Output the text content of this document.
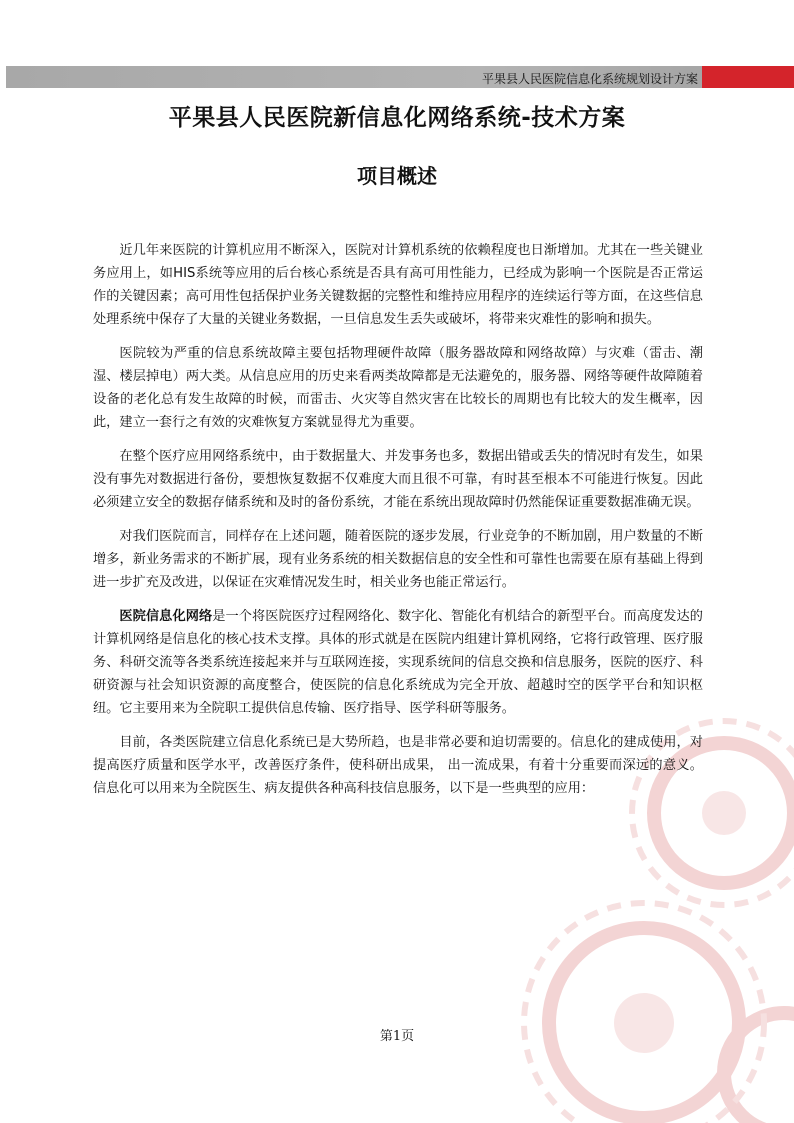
平果县人民医院信息化系统规划设计方案
平果县人民医院新信息化网络系统-技术方案
项目概述

近几年来医院的计算机应用不断深入，医院对计算机系统的依赖程度也日渐增加。尤其在一些关键业务应用上，如HIS系统等应用的后台核心系统是否具有高可用性能力，已经成为影响一个医院是否正常运作的关键因素；高可用性包括保护业务关键数据的完整性和维持应用程序的连续运行等方面，在这些信息处理系统中保存了大量的关键业务数据，一旦信息发生丢失或破坏，将带来灾难性的影响和损失。

医院较为严重的信息系统故障主要包括物理硬件故障（服务器故障和网络故障）与灾难（雷击、潮湿、楼层掉电）两大类。从信息应用的历史来看两类故障都是无法避免的，服务器、网络等硬件故障随着设备的老化总有发生故障的时候，而雷击、火灾等自然灾害在比较长的周期也有比较大的发生概率，因此，建立一套行之有效的灾难恢复方案就显得尤为重要。

在整个医疗应用网络系统中，由于数据量大、并发事务也多，数据出错或丢失的情况时有发生，如果没有事先对数据进行备份，要想恢复数据不仅难度大而且很不可靠，有时甚至根本不可能进行恢复。因此必须建立安全的数据存储系统和及时的备份系统，才能在系统出现故障时仍然能保证重要数据准确无误。

对我们医院而言，同样存在上述问题，随着医院的逐步发展，行业竞争的不断加剧，用户数量的不断增多，新业务需求的不断扩展，现有业务系统的相关数据信息的安全性和可靠性也需要在原有基础上得到进一步扩充及改进，以保证在灾难情况发生时，相关业务也能正常运行。

医院信息化网络是一个将医院医疗过程网络化、数字化、智能化有机结合的新型平台。而高度发达的计算机网络是信息化的核心技术支撑。具体的形式就是在医院内组建计算机网络，它将行政管理、医疗服务、科研交流等各类系统连接起来并与互联网连接，实现系统间的信息交换和信息服务，医院的医疗、科研资源与社会知识资源的高度整合，使医院的信息化系统成为完全开放、超越时空的医学平台和知识枢纽。它主要用来为全院职工提供信息传输、医疗指导、医学科研等服务。

目前，各类医院建立信息化系统已是大势所趋，也是非常必要和迫切需要的。信息化的建成使用，对提高医疗质量和医学水平，改善医疗条件，使科研出成果， 出一流成果，有着十分重要而深远的意义。信息化可以用来为全院医生、病友提供各种高科技信息服务，以下是一些典型的应用：

第1页
